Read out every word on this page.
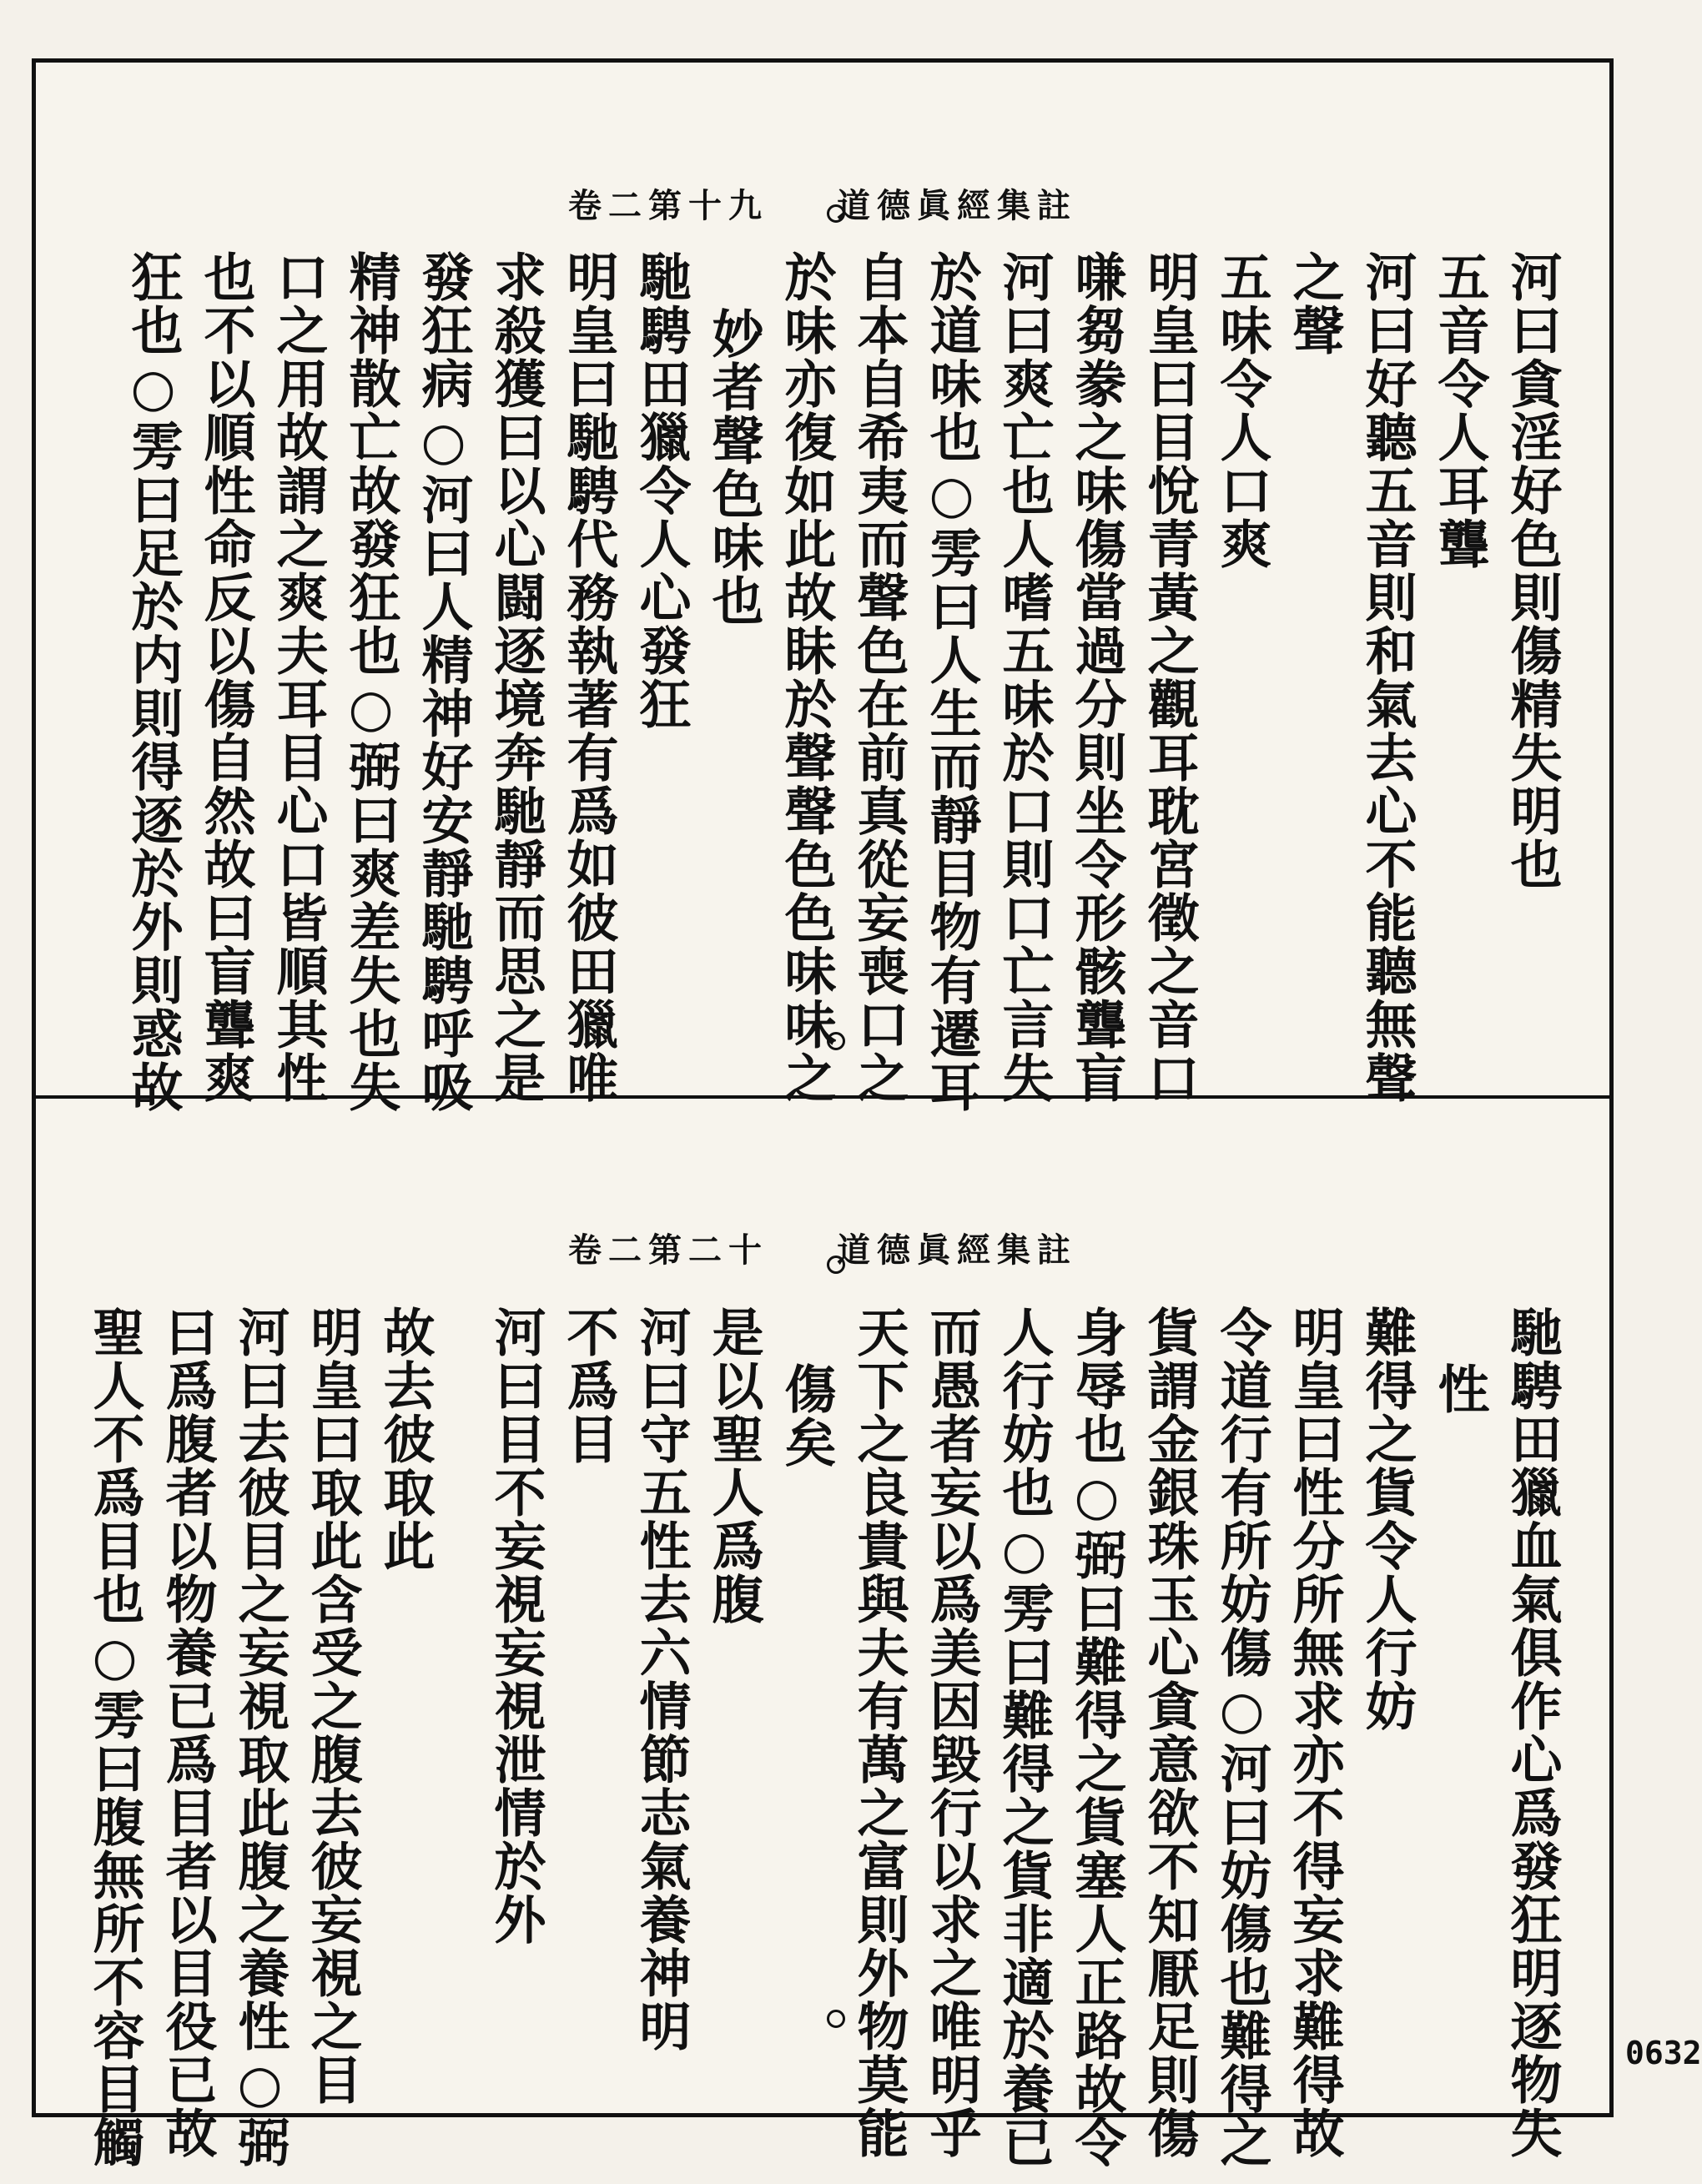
卷二第十九 道德眞經集註
河曰貪淫好色則傷精失明也
五音令人耳聾
河曰好聽五音則和氣去心不能聽無聲
之聲
五味令人口爽
明皇曰目悅青黃之觀耳耽宮徵之音口
嗛芻豢之味傷當過分則坐令形骸聾盲
河曰爽亡也人嗜五味於口則口亡言失
於道味也○雱曰人生而靜目物有遷耳
自本自希夷而聲色在前真從妄喪口之
於味亦復如此故眛於聲聲色色味味之
妙者聲色味也
馳騁田獵令人心發狂
明皇曰馳騁代務執著有爲如彼田獵唯
求殺獲曰以心闘逐境奔馳靜而思之是
發狂病○河曰人精神好安靜馳騁呼吸
精神散亡故發狂也○弼曰爽差失也失
口之用故謂之爽夫耳目心口皆順其性
也不以順性命反以傷自然故曰盲聾爽
狂也○雱曰足於内則得逐於外則惑故
卷二第二十 道德眞經集註
馳騁田獵血氣俱作心爲發狂明逐物失
性
難得之貨令人行妨
明皇曰性分所無求亦不得妄求難得故
令道行有所妨傷○河曰妨傷也難得之
貨謂金銀珠玉心貪意欲不知厭足則傷
身辱也○弼曰難得之貨塞人正路故令
人行妨也○雱曰難得之貨非適於養已
而愚者妄以爲美因毀行以求之唯明乎
天下之良貴與夫有萬之富則外物莫能
傷矣
是以聖人爲腹
河曰守五性去六情節志氣養神明
不爲目
河曰目不妄視妄視泄情於外
故去彼取此
明皇曰取此含受之腹去彼妄視之目
河曰去彼目之妄視取此腹之養性○弼
曰爲腹者以物養已爲目者以目役已故
聖人不爲目也○雱曰腹無所不容目觸	0632
